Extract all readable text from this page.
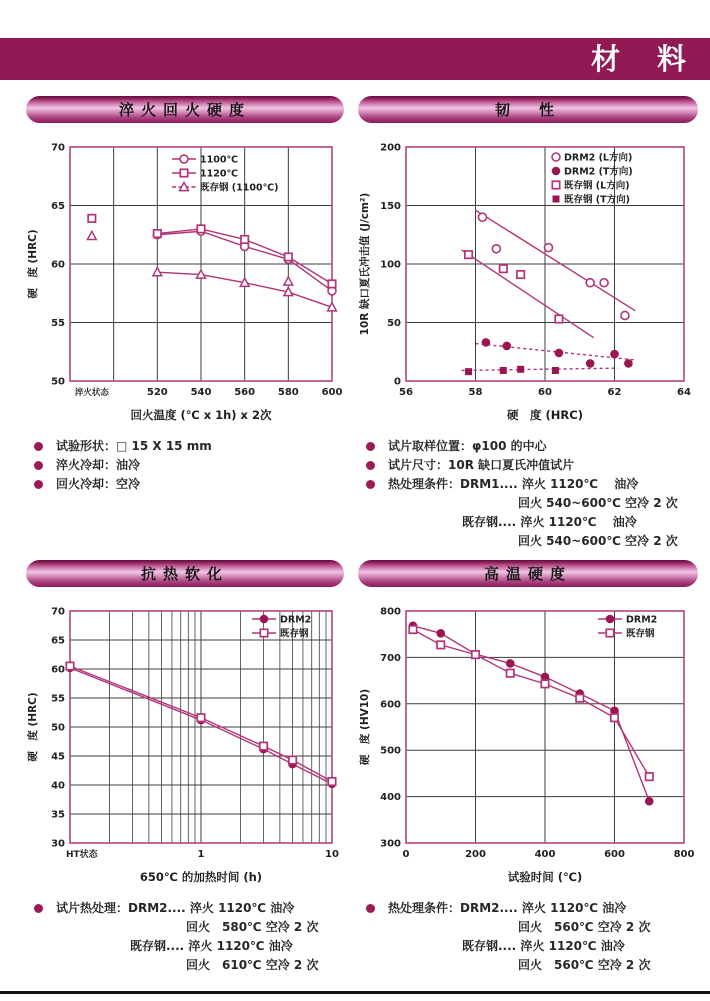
材　料
淬火回火硬度
淬火状态	520 540 560 580 600
50
55
60
65
70
回火温度 (℃ x 1h) x 2次
硬　度 (HRC)
1100℃
1120℃
既存钢 (1100℃)
试验形状：□ 15 X 15 mm
淬火冷却：油冷
回火冷却：空冷
韧　性
56	58	60	62	64
0
50
100
150
200
硬　度 (HRC)
10R 缺口夏氏冲击值 (J/cm²)
DRM2 (L方向)
DRM2 (T方向)
既存钢 (L方向)
既存钢 (T方向)
试片取样位置：φ100 的中心
试片尺寸：10R 缺口夏氏冲值试片
热处理条件：DRM1.... 淬火 1120℃　 油冷
回火 540~600℃ 空冷 2 次
既存钢.... 淬火 1120℃　 油冷
回火 540~600℃ 空冷 2 次
抗热软化
HT状态	1	10
30
35
40
45
50
55
60
65
70
650℃ 的加热时间 (h)
硬　度 (HRC)
DRM2
既存钢
试片热处理：DRM2.... 淬火 1120℃ 油冷
回火　580℃ 空冷 2 次
既存钢.... 淬火 1120℃ 油冷
回火　610℃ 空冷 2 次
高温硬度
0	200	400	600	800
300
400
500
600
700
800
试验时间 (℃)
硬　度 (HV10)
DRM2
既存钢
热处理条件：DRM2.... 淬火 1120℃ 油冷
回火　560℃ 空冷 2 次
既存钢.... 淬火 1120℃ 油冷
回火　560℃ 空冷 2 次
